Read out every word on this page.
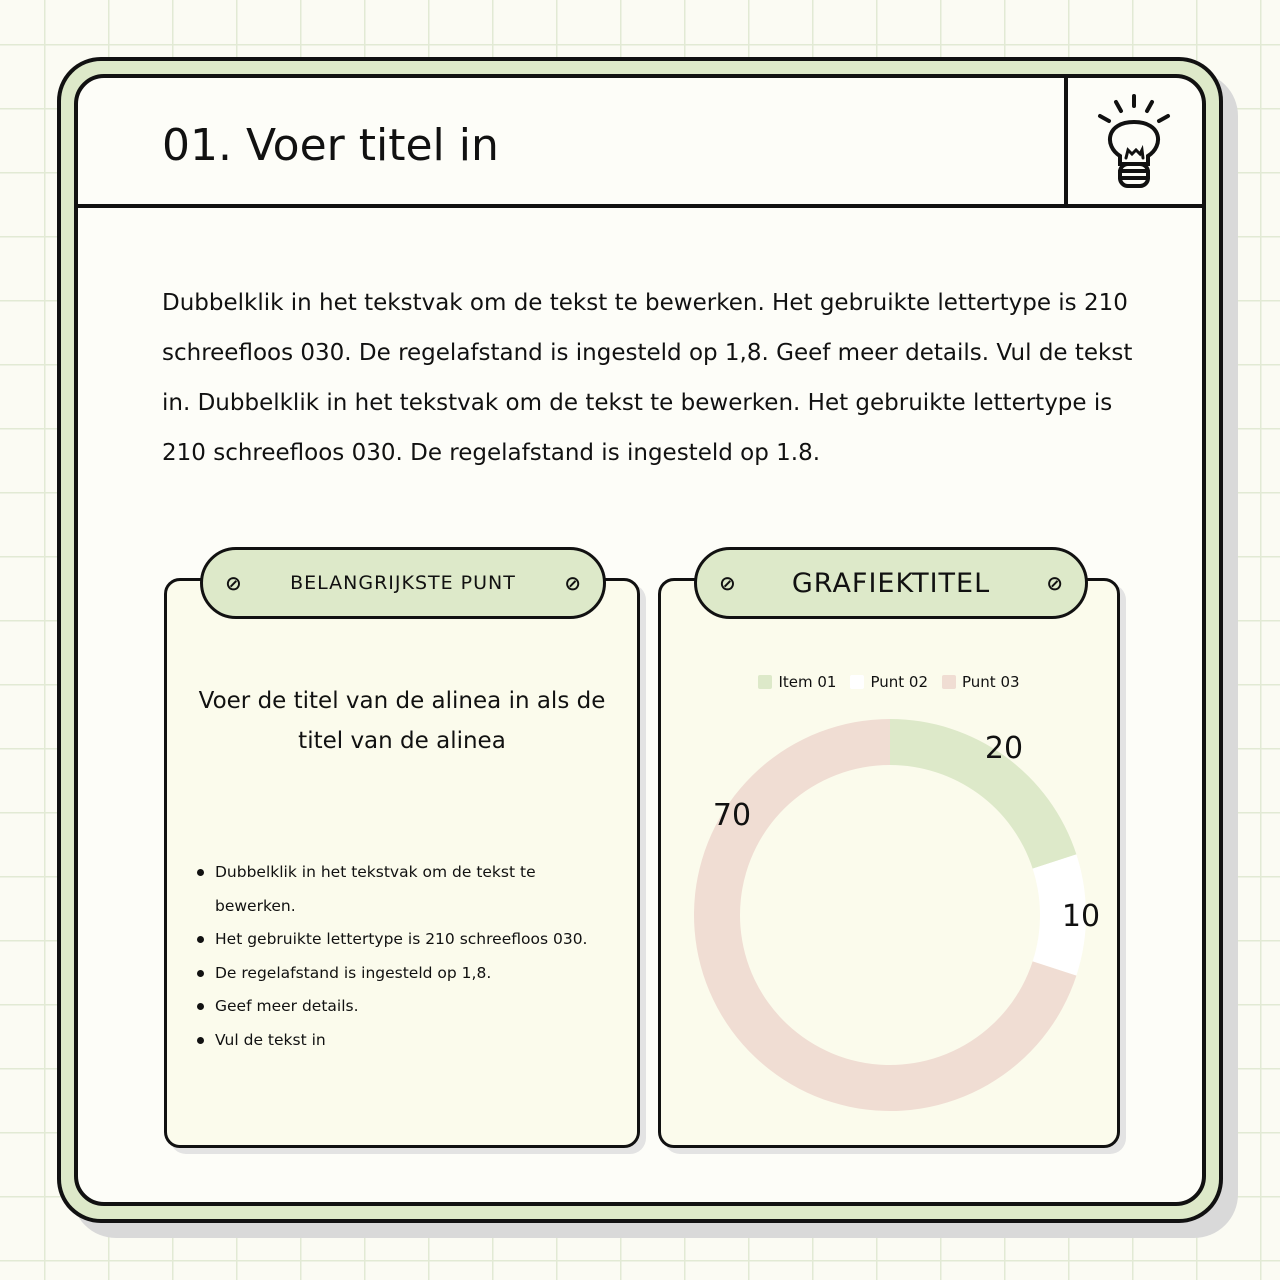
01. Voer titel in
Dubbelklik in het tekstvak om de tekst te bewerken. Het gebruikte lettertype is 210 schreefloos 030. De regelafstand is ingesteld op 1,8. Geef meer details. Vul de tekst in. Dubbelklik in het tekstvak om de tekst te bewerken. Het gebruikte lettertype is 210 schreefloos 030. De regelafstand is ingesteld op 1.8.
⊘	BELANGRIJKSTE PUNT ⊘
Voer de titel van de alinea in als de titel van de alinea
Dubbelklik in het tekstvak om de tekst te bewerken.
Het gebruikte lettertype is 210 schreefloos 030.
De regelafstand is ingesteld op 1,8.
Geef meer details.
Vul de tekst in
⊘ GRAFIEKTITEL	⊘
Item 01 Punt 02 Punt 03
20
10
70
